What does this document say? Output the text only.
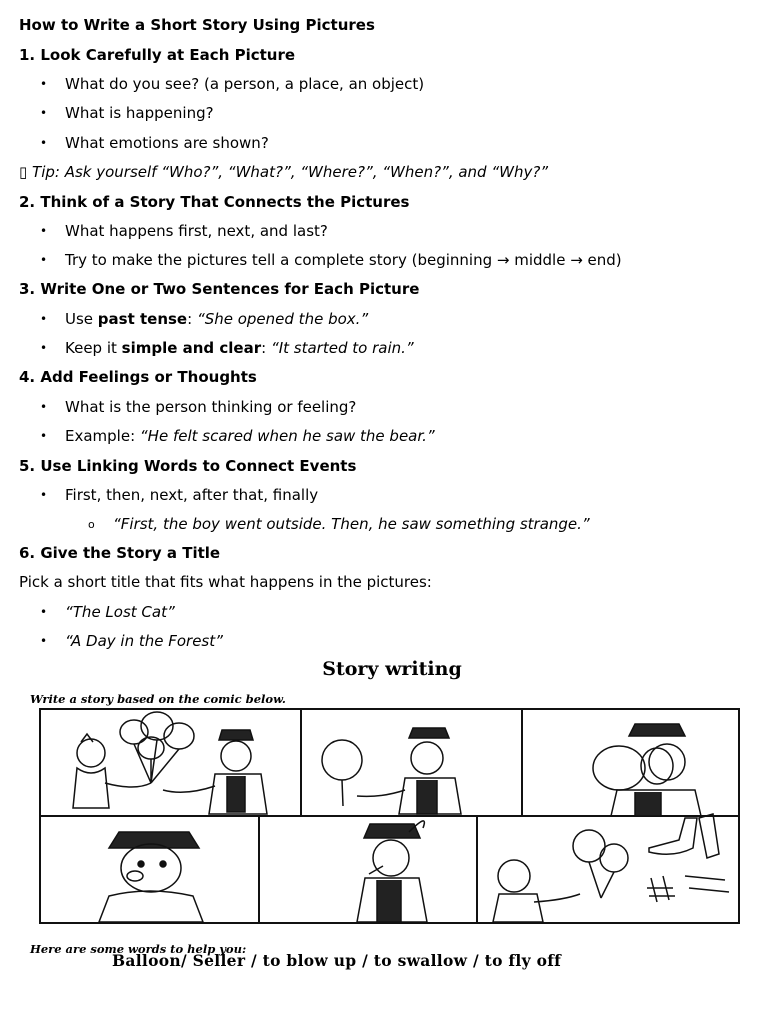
How to Write a Short Story Using Pictures
1. Look Carefully at Each Picture
What do you see? (a person, a place, an object)
What is happening?
What emotions are shown?
▯ Tip: Ask yourself “Who?”, “What?”, “Where?”, “When?”, and “Why?”
2. Think of a Story That Connects the Pictures
What happens first, next, and last?
Try to make the pictures tell a complete story (beginning → middle → end)
3. Write One or Two Sentences for Each Picture
Use past tense: “She opened the box.”
Keep it simple and clear: “It started to rain.”
4. Add Feelings or Thoughts
What is the person thinking or feeling?
Example: “He felt scared when he saw the bear.”
5. Use Linking Words to Connect Events
First, then, next, after that, finally
“First, the boy went outside. Then, he saw something strange.”
6. Give the Story a Title
Pick a short title that fits what happens in the pictures:
“The Lost Cat”
“A Day in the Forest”
Story writing
Write a story based on the comic below.
Here are some words to help you:
Balloon/ Seller / to blow up / to swallow / to fly off
